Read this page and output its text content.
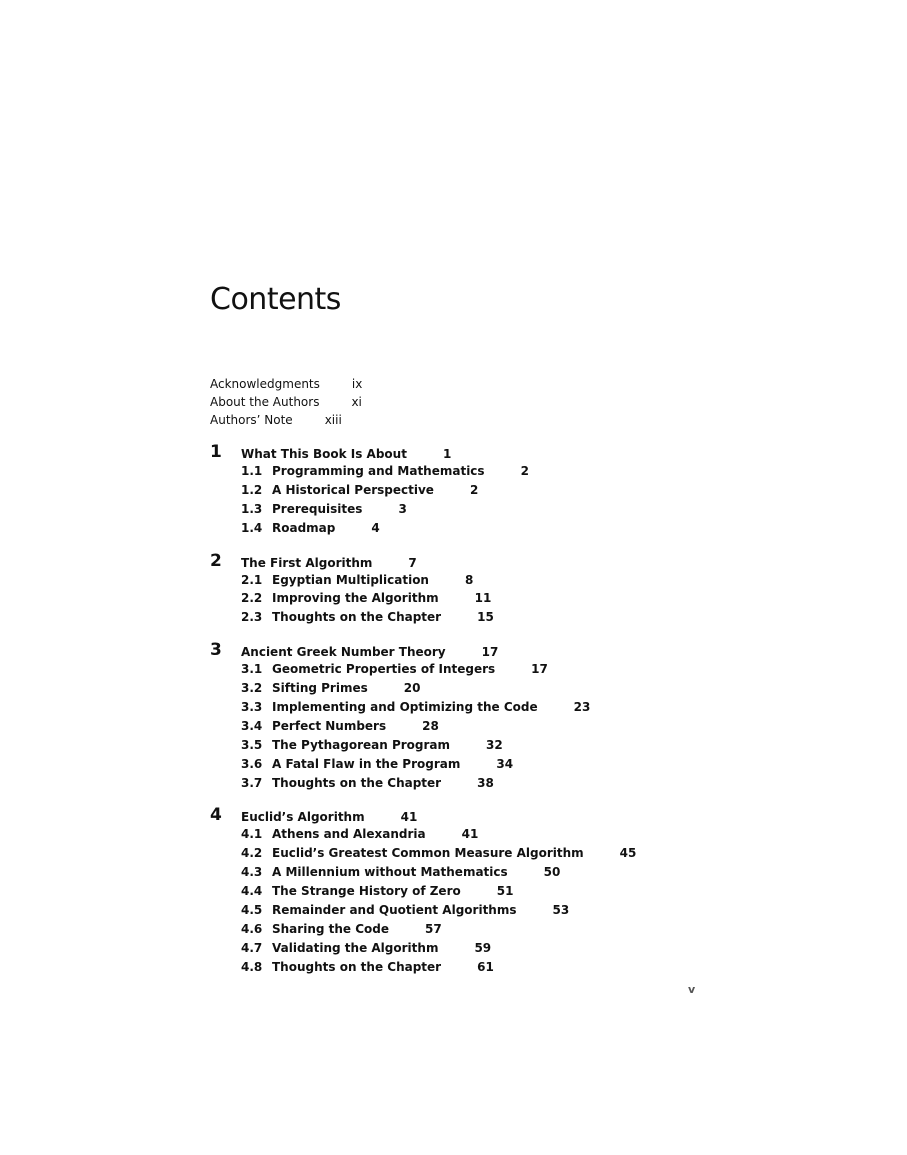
Contents
Acknowledgments	ix
About the Authors	xi
Authors’ Note	xiii
1 What This Book Is About	1
1.1 Programming and Mathematics	2
1.2 A Historical Perspective	2
1.3 Prerequisites	3
1.4 Roadmap	4
2 The First Algorithm	7
2.1 Egyptian Multiplication	8
2.2 Improving the Algorithm	11
2.3 Thoughts on the Chapter	15
3 Ancient Greek Number Theory	17
3.1 Geometric Properties of Integers	17
3.2 Sifting Primes	20
3.3 Implementing and Optimizing the Code	23
3.4 Perfect Numbers	28
3.5 The Pythagorean Program	32
3.6 A Fatal Flaw in the Program	34
3.7 Thoughts on the Chapter	38
4 Euclid’s Algorithm	41
4.1 Athens and Alexandria	41
4.2 Euclid’s Greatest Common Measure Algorithm	45
4.3 A Millennium without Mathematics	50
4.4 The Strange History of Zero	51
4.5 Remainder and Quotient Algorithms	53
4.6 Sharing the Code	57
4.7 Validating the Algorithm	59
4.8 Thoughts on the Chapter	61
v
